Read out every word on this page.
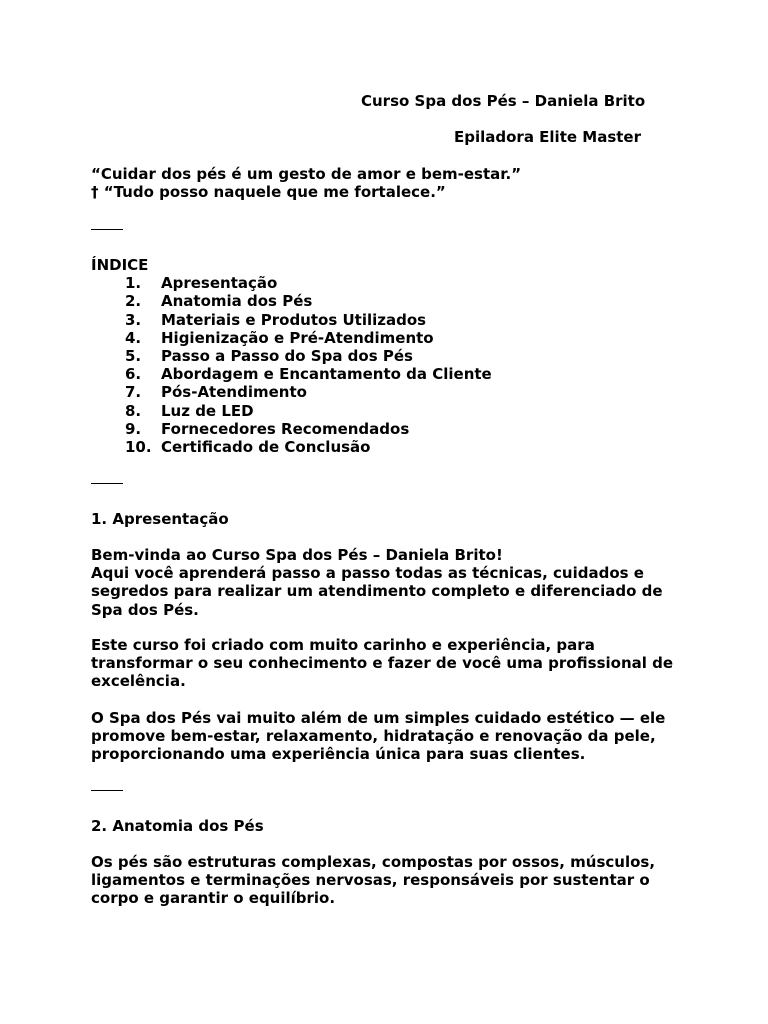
Curso Spa dos Pés – Daniela Brito
Epiladora Elite Master

“Cuidar dos pés é um gesto de amor e bem-estar.”

† “Tudo posso naquele que me fortalece.”

ÍNDICE

1.	Apresentação
2.	Anatomia dos Pés
3.	Materiais e Produtos Utilizados
4.	Higienização e Pré-Atendimento
5.	Passo a Passo do Spa dos Pés
6.	Abordagem e Encantamento da Cliente
7.	Pós-Atendimento
8.	Luz de LED
9.	Fornecedores Recomendados
10. Certificado de Conclusão
1. Apresentação

Bem-vinda ao Curso Spa dos Pés – Daniela Brito!

Aqui você aprenderá passo a passo todas as técnicas, cuidados e segredos para realizar um atendimento completo e diferenciado de Spa dos Pés.

Este curso foi criado com muito carinho e experiência, para transformar o seu conhecimento e fazer de você uma profissional de excelência.

O Spa dos Pés vai muito além de um simples cuidado estético — ele promove bem-estar, relaxamento, hidratação e renovação da pele, proporcionando uma experiência única para suas clientes.

2. Anatomia dos Pés

Os pés são estruturas complexas, compostas por ossos, músculos, ligamentos e terminações nervosas, responsáveis por sustentar o corpo e garantir o equilíbrio.
